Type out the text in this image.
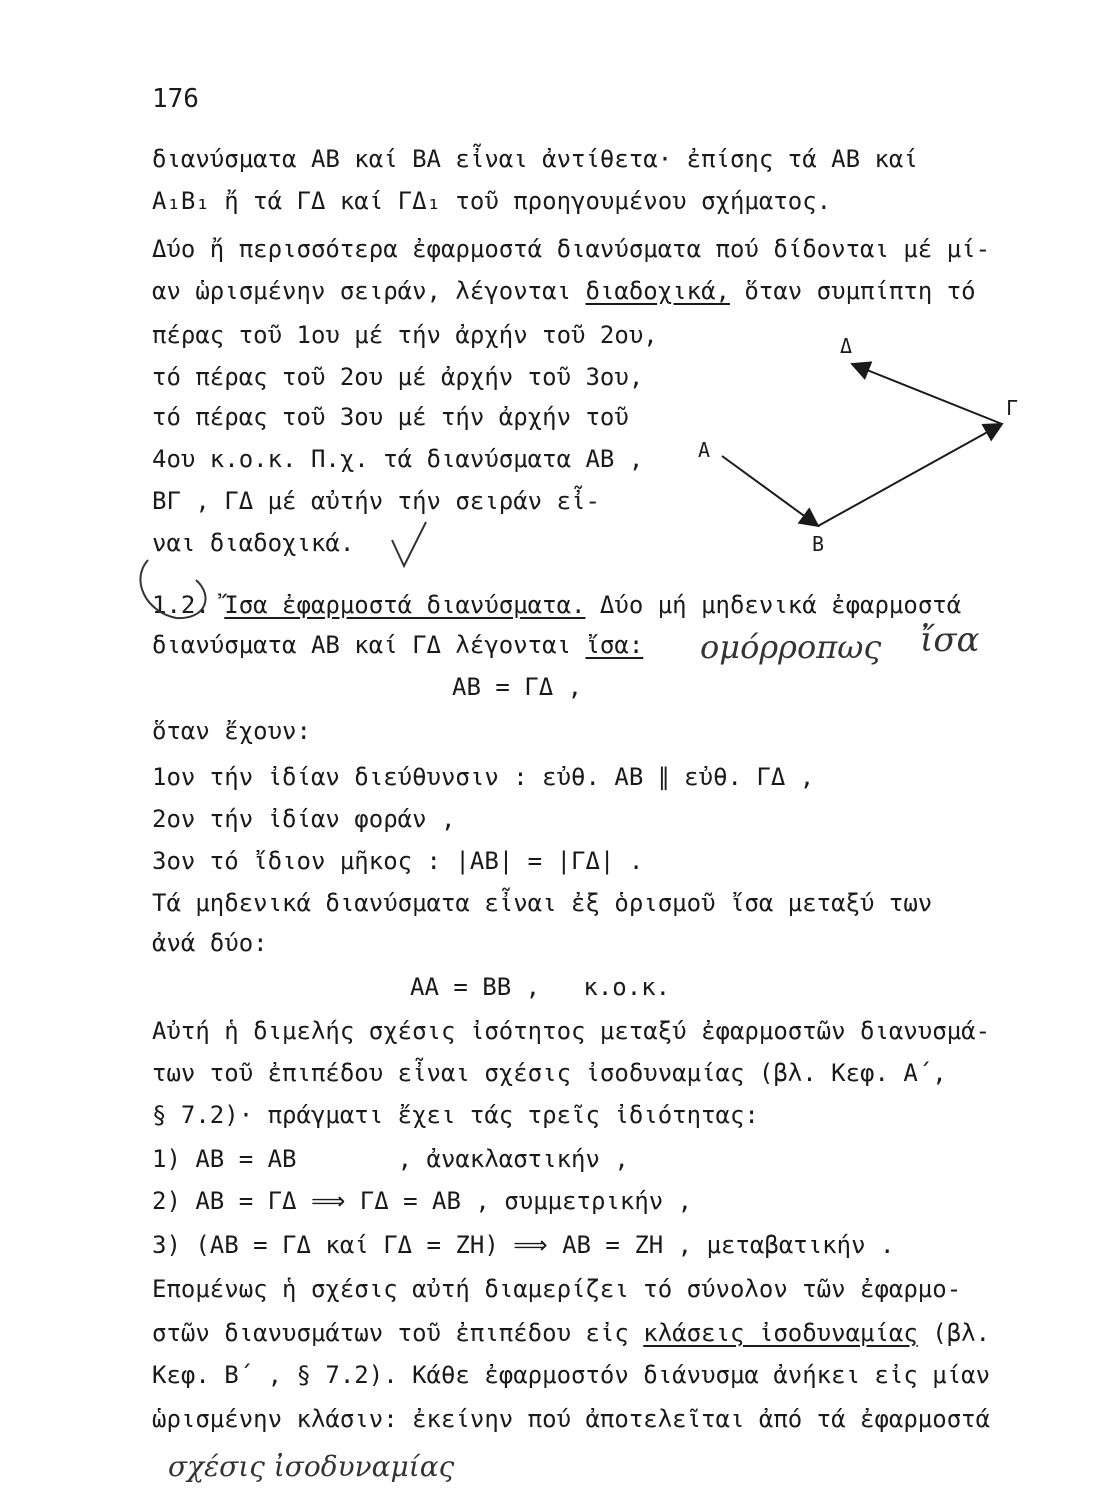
176
διανύσματα AB καί BA εἶναι ἀντίθετα· ἐπίσης τά AB καί
A₁B₁ ἤ τά ΓΔ καί ΓΔ₁ τοῦ προηγουμένου σχήματος.
Δύο ἤ περισσότερα ἐφαρμοστά διανύσματα πού δίδονται μέ μί-
αν ὡρισμένην σειράν, λέγονται διαδοχικά, ὅταν συμπίπτη τό
πέρας τοῦ 1ου μέ τήν ἀρχήν τοῦ 2ου,
τό πέρας τοῦ 2ου μέ ἀρχήν τοῦ 3ου,
τό πέρας τοῦ 3ου μέ τήν ἀρχήν τοῦ
4ου κ.ο.κ. Π.χ. τά διανύσματα AB ,
BΓ , ΓΔ μέ αὐτήν τήν σειράν εἶ-
ναι διαδοχικά.
1.2. Ἴσα ἐφαρμοστά διανύσματα. Δύο μή μηδενικά ἐφαρμοστά
διανύσματα AB καί ΓΔ λέγονται ἴσα:
AB = ΓΔ ,
ὅταν ἔχουν:
1ον τήν ἰδίαν διεύθυνσιν : εὐθ. AB ∥ εὐθ. ΓΔ ,
2ον τήν ἰδίαν φοράν ,
3ον τό ἴδιον μῆκος : |AB| = |ΓΔ| .
Τά μηδενικά διανύσματα εἶναι ἐξ ὁρισμοῦ ἴσα μεταξύ των
ἀνά δύο:
AA = BB ,   κ.ο.κ.
Αὐτή ἡ διμελής σχέσις ἰσότητος μεταξύ ἐφαρμοστῶν διανυσμά-
των τοῦ ἐπιπέδου εἶναι σχέσις ἰσοδυναμίας (βλ. Κεφ. Α΄,
§ 7.2)· πράγματι ἔχει τάς τρεῖς ἰδιότητας:
1) AB = AB       , ἀνακλαστικήν ,
2) AB = ΓΔ ⟹ ΓΔ = AB , συμμετρικήν ,
3) (AB = ΓΔ καί ΓΔ = ZH) ⟹ AB = ZH , μεταβατικήν .
Επομένως ἡ σχέσις αὐτή διαμερίζει τό σύνολον τῶν ἐφαρμο-
στῶν διανυσμάτων τοῦ ἐπιπέδου εἰς κλάσεις ἰσοδυναμίας (βλ.
Κεφ. Β΄ , § 7.2). Κάθε ἐφαρμοστόν διάνυσμα ἀνήκει εἰς μίαν
ὡρισμένην κλάσιν: ἐκείνην πού ἀποτελεῖται ἀπό τά ἐφαρμοστά
ομόρροπως ἴσα
σχέσις ἰσοδυναμίας
A
B
Γ
Δ
